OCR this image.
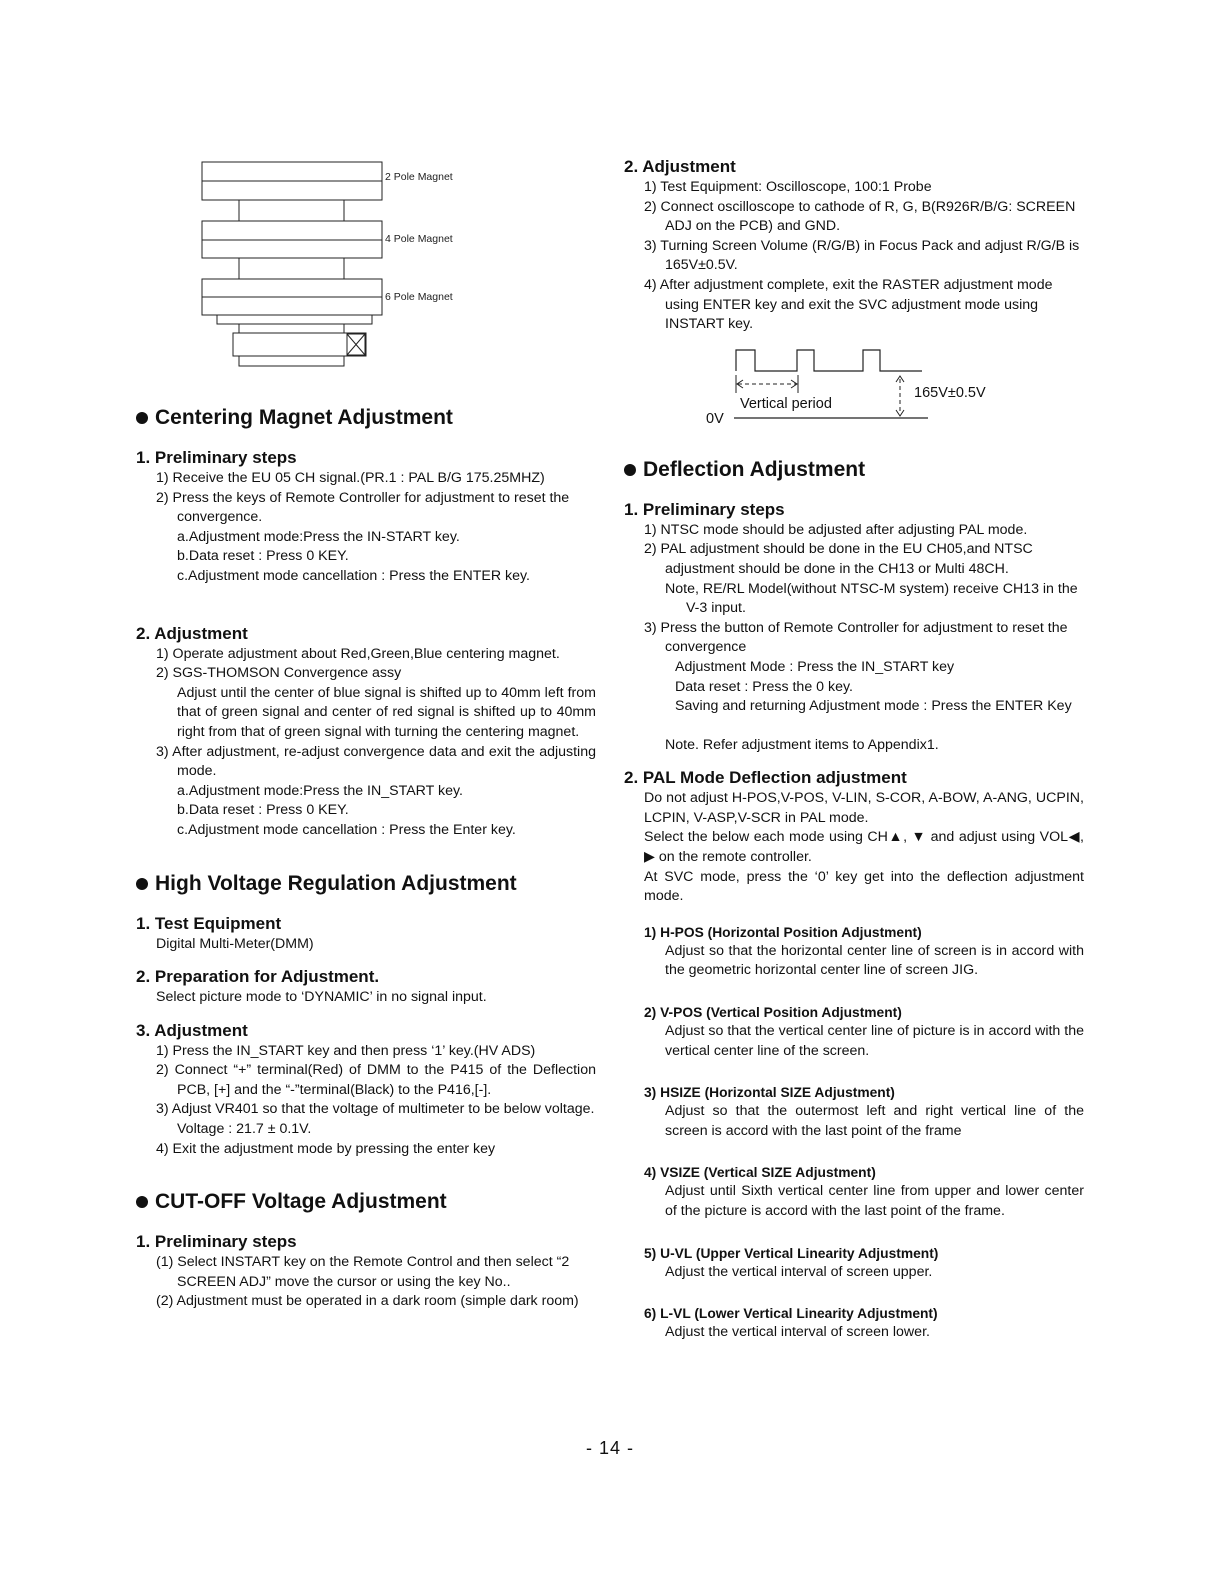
2 Pole Magnet
4 Pole Magnet
6 Pole Magnet
Centering Magnet Adjustment
1. Preliminary steps

1) Receive the EU 05 CH signal.(PR.1 : PAL B/G 175.25MHZ)

2) Press the keys of Remote Controller for adjustment to reset the

convergence.

a.Adjustment mode:Press the IN-START key.

b.Data reset : Press 0 KEY.

c.Adjustment mode cancellation : Press the ENTER key.

2. Adjustment

1) Operate adjustment about Red,Green,Blue centering magnet.

2) SGS-THOMSON Convergence assy

Adjust until the center of blue signal is shifted up to 40mm left from that of green signal and center of red signal is shifted up to 40mm right from that of green signal with turning the centering magnet.

3) After adjustment, re-adjust convergence data and exit the adjusting mode.

a.Adjustment mode:Press the IN_START key.

b.Data reset : Press 0 KEY.

c.Adjustment mode cancellation : Press the Enter key.

High Voltage Regulation Adjustment
1. Test Equipment

Digital Multi-Meter(DMM)

2. Preparation for Adjustment.

Select picture mode to ‘DYNAMIC’ in no signal input.

3. Adjustment

1) Press the IN_START key and then press ‘1’ key.(HV ADS)

2) Connect “+” terminal(Red) of DMM to the P415 of the Deflection PCB, [+] and the “-”terminal(Black) to the P416,[-].

3) Adjust VR401 so that the voltage of multimeter to be below voltage.

Voltage : 21.7 ± 0.1V.

4) Exit the adjustment mode by pressing the enter key

CUT-OFF Voltage Adjustment
1. Preliminary steps

(1) Select INSTART key on the Remote Control and then select “2 SCREEN ADJ” move the cursor or using the key No..

(2) Adjustment must be operated in a dark room (simple dark room)

2. Adjustment

1) Test Equipment: Oscilloscope, 100:1 Probe

2) Connect oscilloscope to cathode of R, G, B(R926R/B/G: SCREEN ADJ on the PCB) and GND.

3) Turning Screen Volume (R/G/B) in Focus Pack and adjust R/G/B is 165V±0.5V.

4) After adjustment complete, exit the RASTER adjustment mode using ENTER key and exit the SVC adjustment mode using INSTART key.

Deflection Adjustment
1. Preliminary steps

1) NTSC mode should be adjusted after adjusting PAL mode.

2) PAL adjustment should be done in the EU CH05,and NTSC adjustment should be done in the CH13 or Multi 48CH.

Note, RE/RL Model(without NTSC-M system) receive CH13 in the V-3 input.

3) Press the button of Remote Controller for adjustment to reset the convergence

Adjustment Mode : Press the IN_START key

Data reset : Press the 0 key.

Saving and returning Adjustment mode : Press the ENTER Key

Note. Refer adjustment items to Appendix1.

2. PAL Mode Deflection adjustment

Do not adjust H-POS,V-POS, V-LIN, S-COR, A-BOW, A-ANG, UCPIN, LCPIN, V-ASP,V-SCR in PAL mode.

Select the below each mode using CH▲, ▼ and adjust using VOL◀, ▶ on the remote controller.

At SVC mode, press the ‘0’ key get into the deflection adjustment mode.

1) H-POS (Horizontal Position Adjustment)

Adjust so that the horizontal center line of screen is in accord with the geometric horizontal center line of screen JIG.

2) V-POS (Vertical Position Adjustment)

Adjust so that the vertical center line of picture is in accord with the vertical center line of the screen.

3) HSIZE (Horizontal SIZE Adjustment)

Adjust so that the outermost left and right vertical line of the screen is accord with the last point of the frame

4) VSIZE (Vertical SIZE Adjustment)

Adjust until Sixth vertical center line from upper and lower center of the picture is accord with the last point of the frame.

5) U-VL (Upper Vertical Linearity Adjustment)

Adjust the vertical interval of screen upper.

6) L-VL (Lower Vertical Linearity Adjustment)

Adjust the vertical interval of screen lower.

Vertical period
0V
165V±0.5V
- 14 -
